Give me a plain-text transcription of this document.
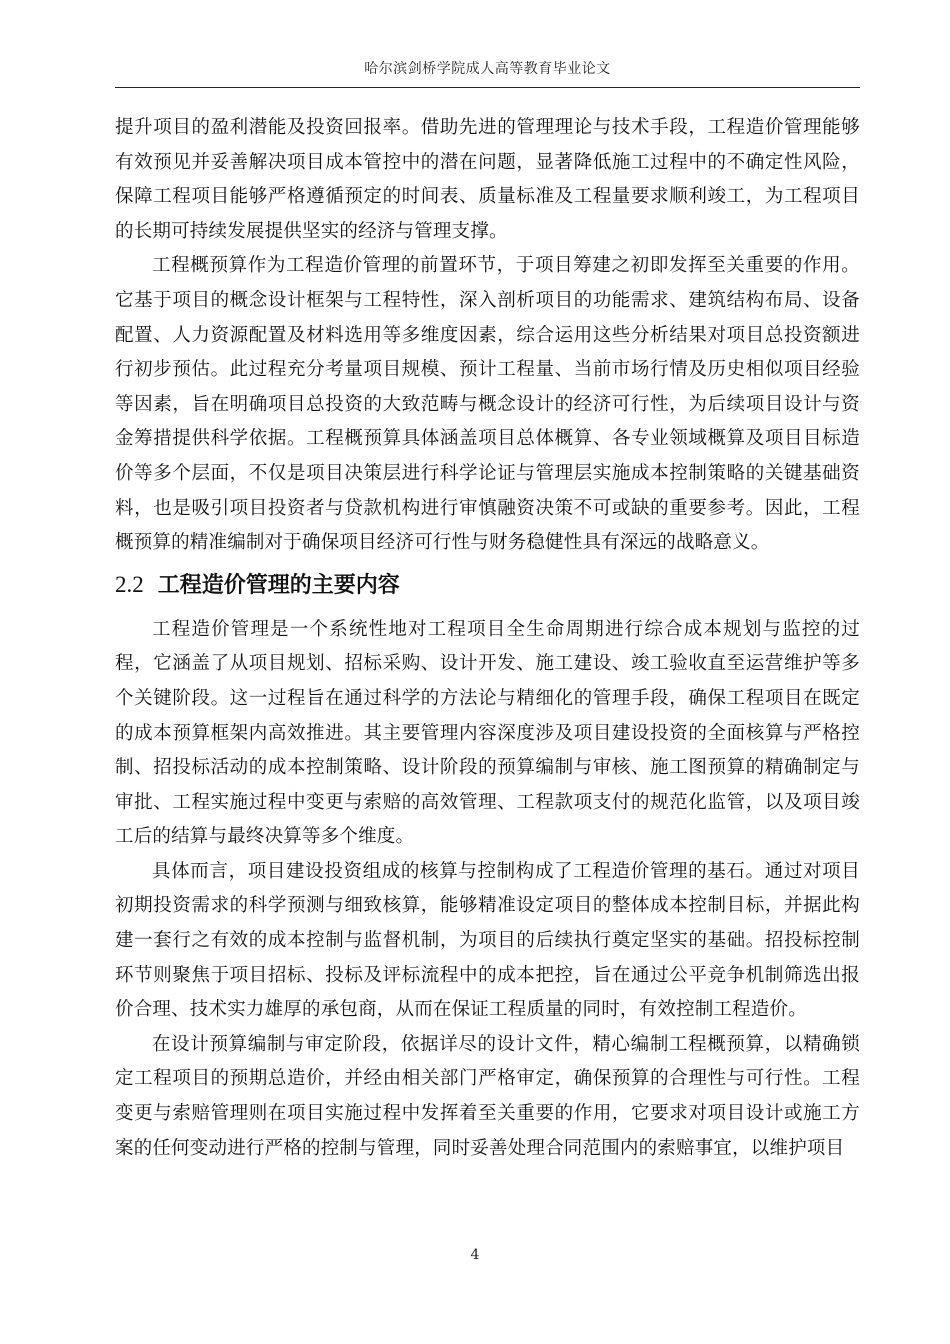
哈尔滨剑桥学院成人高等教育毕业论文

提升项目的盈利潜能及投资回报率。借助先进的管理理论与技术手段，工程造价管理能够有效预见并妥善解决项目成本管控中的潜在问题，显著降低施工过程中的不确定性风险，保障工程项目能够严格遵循预定的时间表、质量标准及工程量要求顺利竣工，为工程项目的长期可持续发展提供坚实的经济与管理支撑。

工程概预算作为工程造价管理的前置环节，于项目筹建之初即发挥至关重要的作用。它基于项目的概念设计框架与工程特性，深入剖析项目的功能需求、建筑结构布局、设备配置、人力资源配置及材料选用等多维度因素，综合运用这些分析结果对项目总投资额进行初步预估。此过程充分考量项目规模、预计工程量、当前市场行情及历史相似项目经验等因素，旨在明确项目总投资的大致范畴与概念设计的经济可行性，为后续项目设计与资金筹措提供科学依据。工程概预算具体涵盖项目总体概算、各专业领域概算及项目目标造价等多个层面，不仅是项目决策层进行科学论证与管理层实施成本控制策略的关键基础资料，也是吸引项目投资者与贷款机构进行审慎融资决策不可或缺的重要参考。因此，工程概预算的精准编制对于确保项目经济可行性与财务稳健性具有深远的战略意义。

2.2 工程造价管理的主要内容

工程造价管理是一个系统性地对工程项目全生命周期进行综合成本规划与监控的过程，它涵盖了从项目规划、招标采购、设计开发、施工建设、竣工验收直至运营维护等多个关键阶段。这一过程旨在通过科学的方法论与精细化的管理手段，确保工程项目在既定的成本预算框架内高效推进。其主要管理内容深度涉及项目建设投资的全面核算与严格控制、招投标活动的成本控制策略、设计阶段的预算编制与审核、施工图预算的精确制定与审批、工程实施过程中变更与索赔的高效管理、工程款项支付的规范化监管，以及项目竣工后的结算与最终决算等多个维度。

具体而言，项目建设投资组成的核算与控制构成了工程造价管理的基石。通过对项目初期投资需求的科学预测与细致核算，能够精准设定项目的整体成本控制目标，并据此构建一套行之有效的成本控制与监督机制，为项目的后续执行奠定坚实的基础。招投标控制环节则聚焦于项目招标、投标及评标流程中的成本把控，旨在通过公平竞争机制筛选出报价合理、技术实力雄厚的承包商，从而在保证工程质量的同时，有效控制工程造价。

在设计预算编制与审定阶段，依据详尽的设计文件，精心编制工程概预算，以精确锁定工程项目的预期总造价，并经由相关部门严格审定，确保预算的合理性与可行性。工程变更与索赔管理则在项目实施过程中发挥着至关重要的作用，它要求对项目设计或施工方案的任何变动进行严格的控制与管理，同时妥善处理合同范围内的索赔事宜，以维护项目

4
